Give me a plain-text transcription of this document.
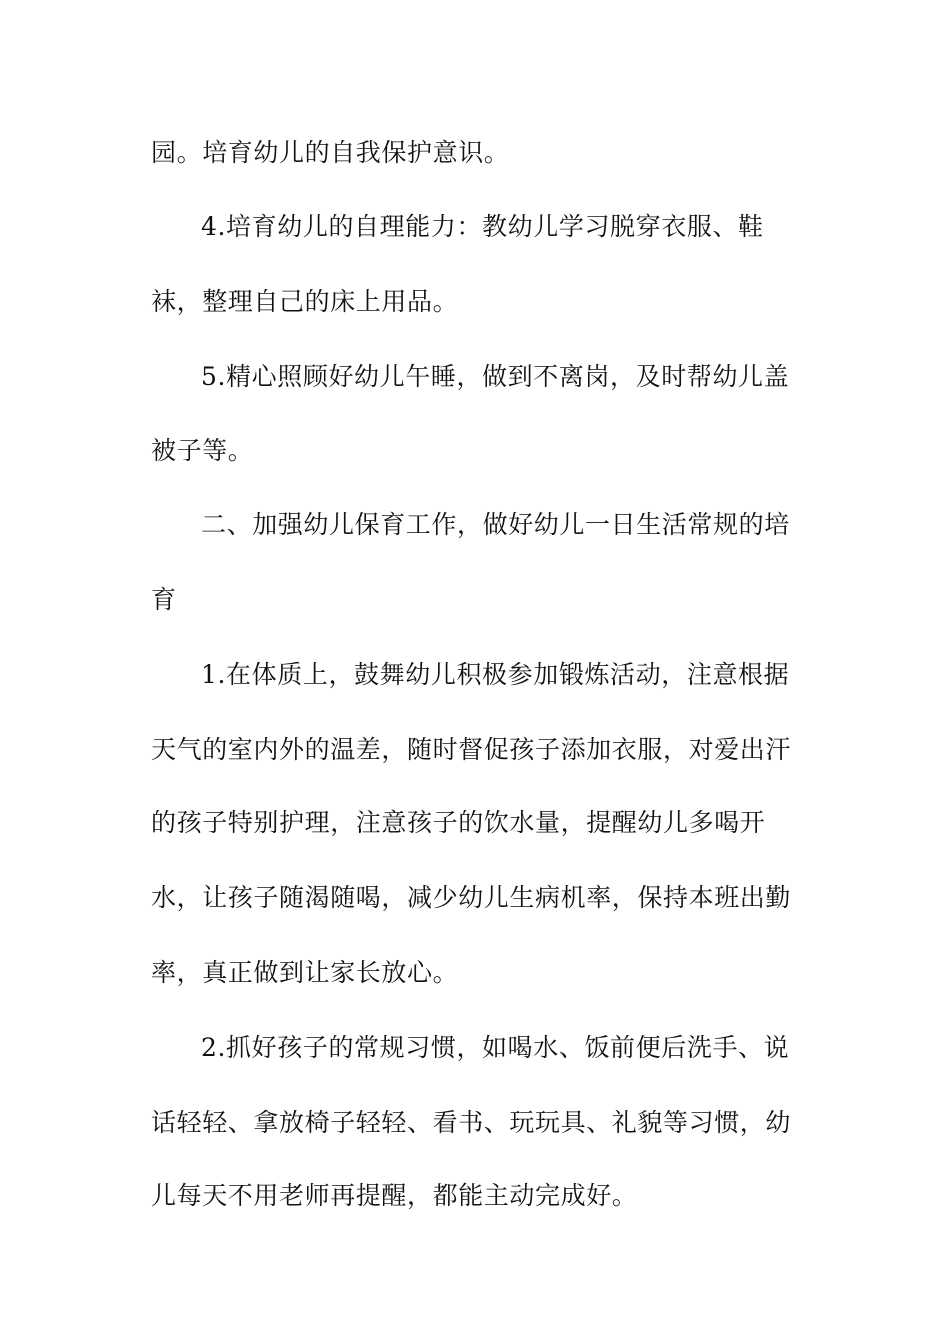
园。培育幼儿的自我保护意识。
4.培育幼儿的自理能力：教幼儿学习脱穿衣服、鞋
袜，整理自己的床上用品。
5.精心照顾好幼儿午睡，做到不离岗，及时帮幼儿盖
被子等。
二、加强幼儿保育工作，做好幼儿一日生活常规的培
育
1.在体质上，鼓舞幼儿积极参加锻炼活动，注意根据
天气的室内外的温差，随时督促孩子添加衣服，对爱出汗
的孩子特别护理，注意孩子的饮水量，提醒幼儿多喝开
水，让孩子随渴随喝，减少幼儿生病机率，保持本班出勤
率，真正做到让家长放心。
2.抓好孩子的常规习惯，如喝水、饭前便后洗手、说
话轻轻、拿放椅子轻轻、看书、玩玩具、礼貌等习惯，幼
儿每天不用老师再提醒，都能主动完成好。
